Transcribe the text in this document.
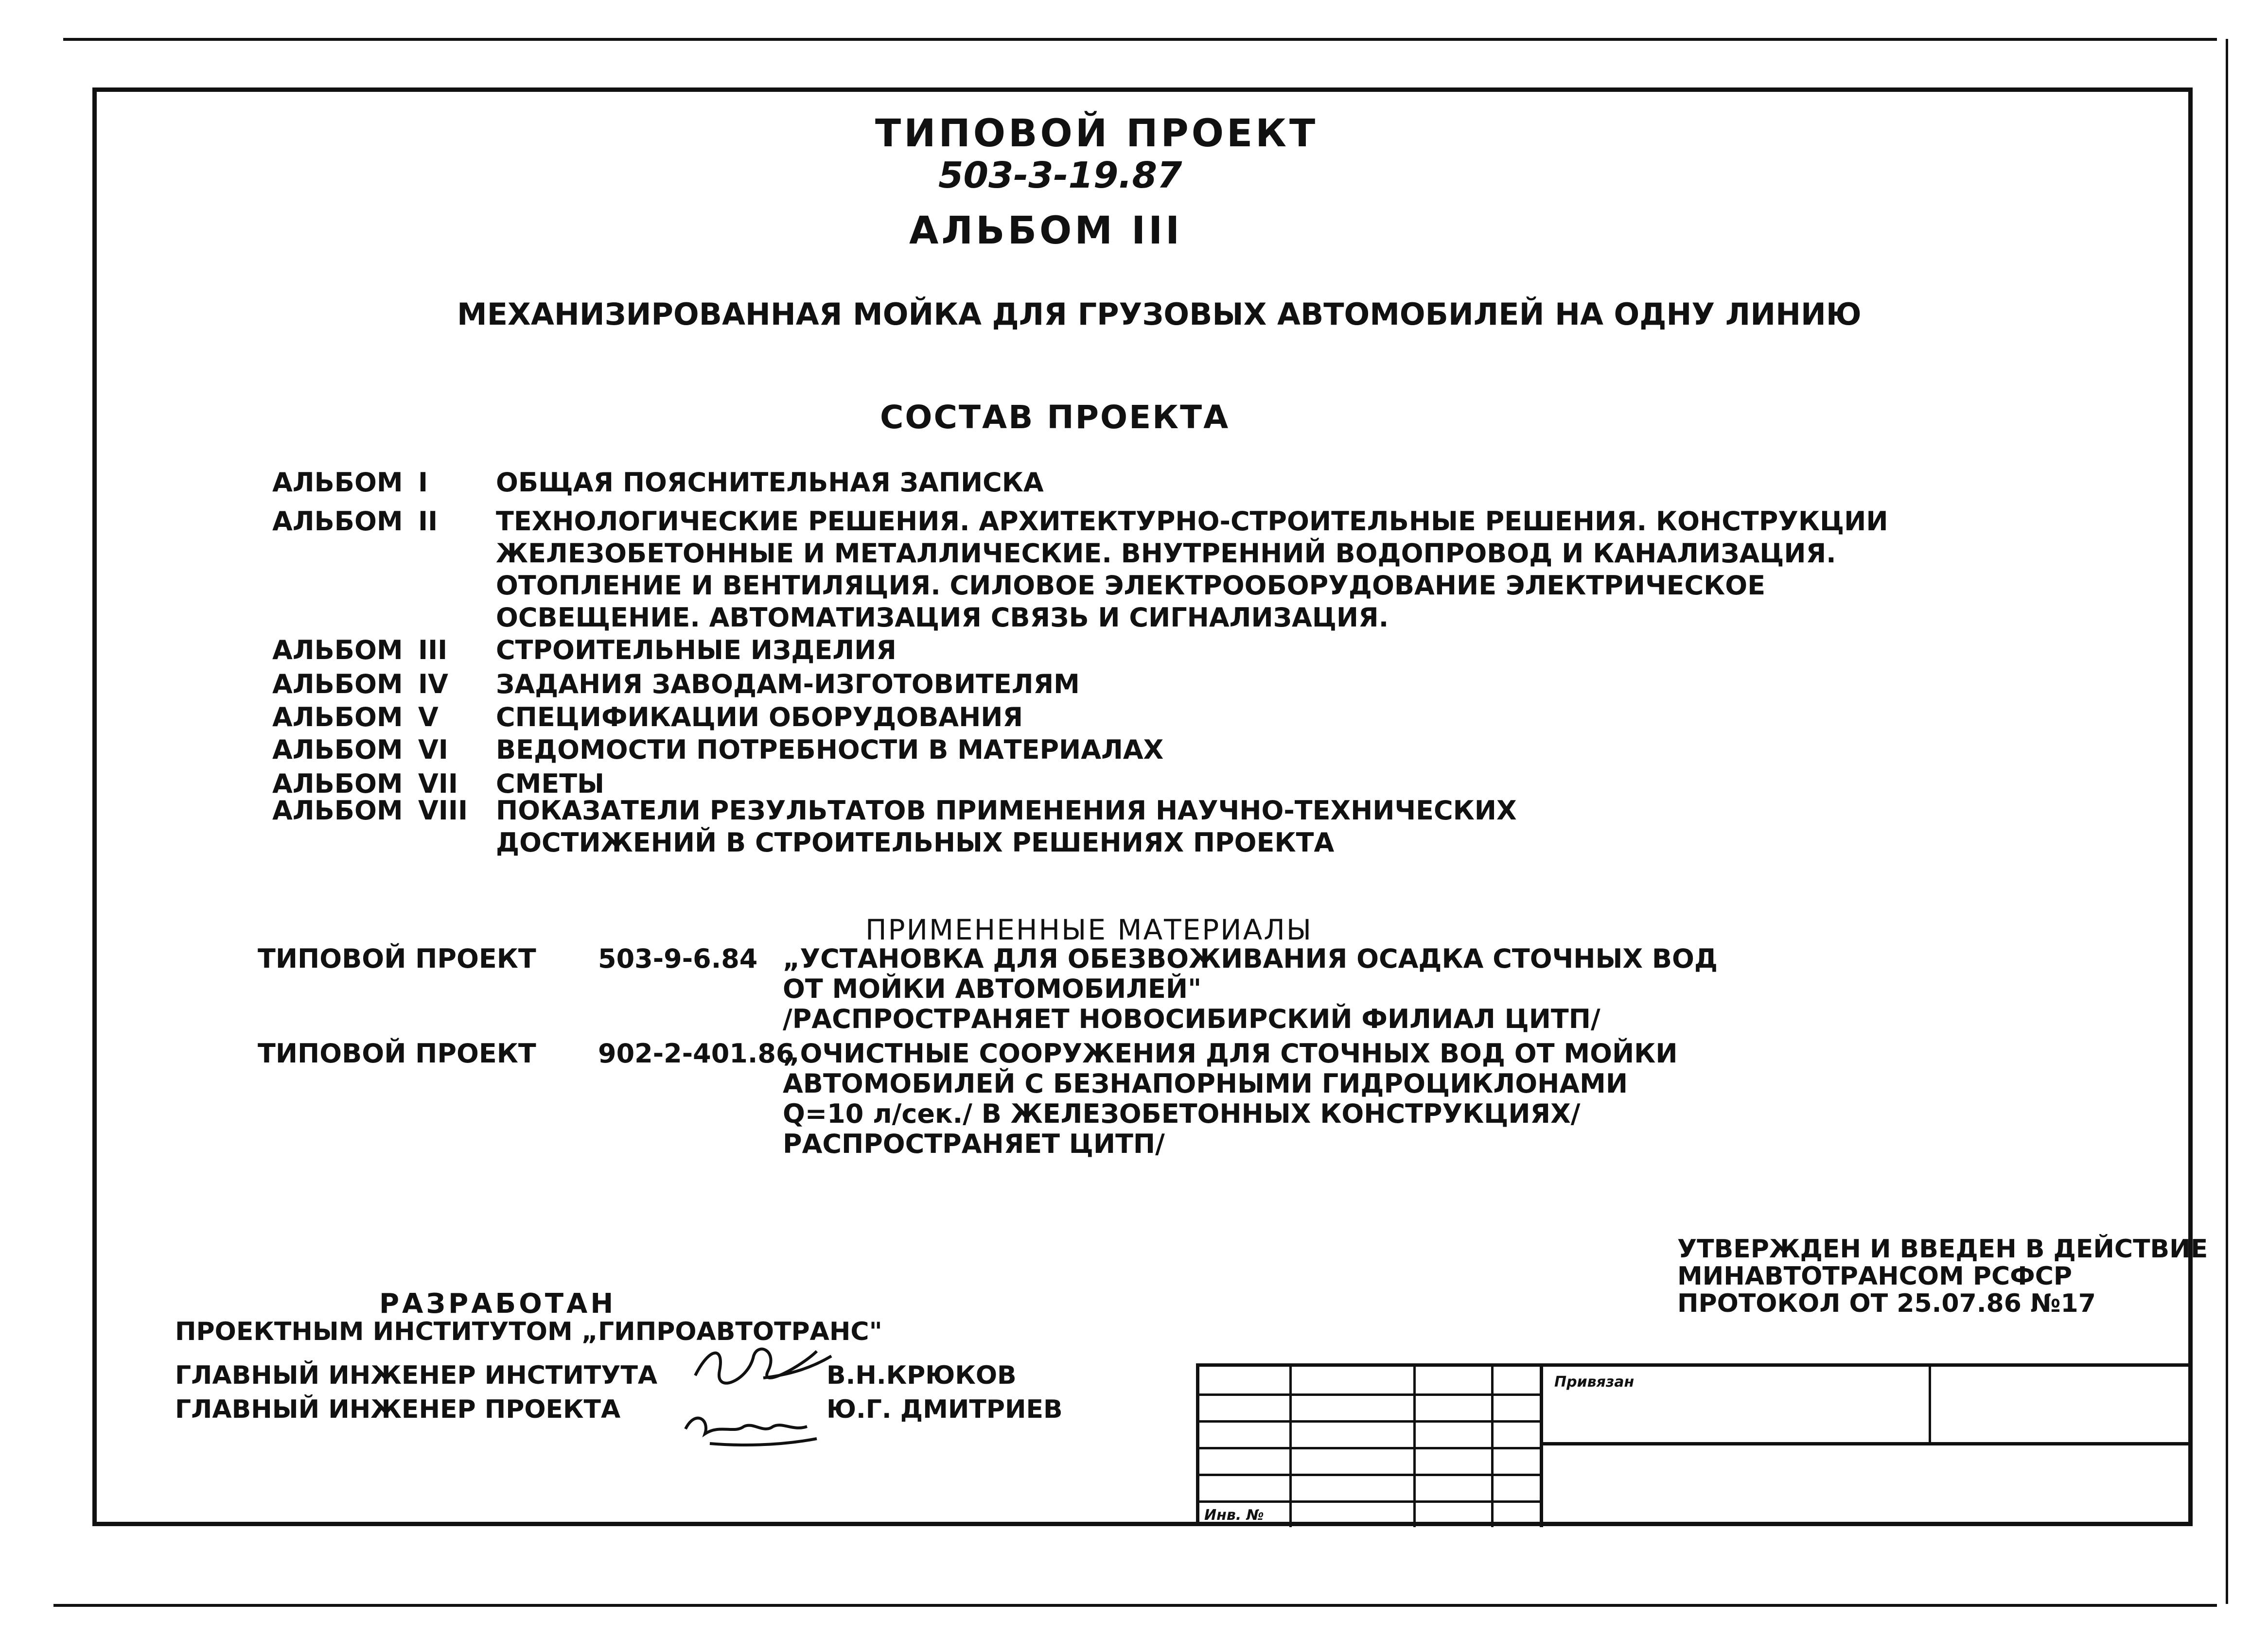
ТИПОВОЙ ПРОЕКТ
503-3-19.87
АЛЬБОМ III
МЕХАНИЗИРОВАННАЯ МОЙКА ДЛЯ ГРУЗОВЫХ АВТОМОБИЛЕЙ НА ОДНУ ЛИНИЮ
СОСТАВ ПРОЕКТА
АЛЬБОМ I	ОБЩАЯ ПОЯСНИТЕЛЬНАЯ ЗАПИСКА
АЛЬБОМ II ТЕХНОЛОГИЧЕСКИЕ РЕШЕНИЯ. АРХИТЕКТУРНО-СТРОИТЕЛЬНЫЕ РЕШЕНИЯ. КОНСТРУКЦИИ
ЖЕЛЕЗОБЕТОННЫЕ И МЕТАЛЛИЧЕСКИЕ. ВНУТРЕННИЙ ВОДОПРОВОД И КАНАЛИЗАЦИЯ.
ОТОПЛЕНИЕ И ВЕНТИЛЯЦИЯ. СИЛОВОЕ ЭЛЕКТРООБОРУДОВАНИЕ ЭЛЕКТРИЧЕСКОЕ
ОСВЕЩЕНИЕ. АВТОМАТИЗАЦИЯ СВЯЗЬ И СИГНАЛИЗАЦИЯ.
АЛЬБОМ III СТРОИТЕЛЬНЫЕ ИЗДЕЛИЯ
АЛЬБОМ IV ЗАДАНИЯ ЗАВОДАМ-ИЗГОТОВИТЕЛЯМ
АЛЬБОМ V СПЕЦИФИКАЦИИ ОБОРУДОВАНИЯ
АЛЬБОМ VI ВЕДОМОСТИ ПОТРЕБНОСТИ В МАТЕРИАЛАХ
АЛЬБОМ VII СМЕТЫ
АЛЬБОМ VIII ПОКАЗАТЕЛИ РЕЗУЛЬТАТОВ ПРИМЕНЕНИЯ НАУЧНО-ТЕХНИЧЕСКИХ
ДОСТИЖЕНИЙ В СТРОИТЕЛЬНЫХ РЕШЕНИЯХ ПРОЕКТА
ПРИМЕНЕННЫЕ МАТЕРИАЛЫ
ТИПОВОЙ ПРОЕКТ 503-9-6.84 „УСТАНОВКА ДЛЯ ОБЕЗВОЖИВАНИЯ ОСАДКА СТОЧНЫХ ВОД
ОТ МОЙКИ АВТОМОБИЛЕЙ"
/РАСПРОСТРАНЯЕТ НОВОСИБИРСКИЙ ФИЛИАЛ ЦИТП/
ТИПОВОЙ ПРОЕКТ 902-2-401.86
„ОЧИСТНЫЕ СООРУЖЕНИЯ ДЛЯ СТОЧНЫХ ВОД ОТ МОЙКИ
АВТОМОБИЛЕЙ С БЕЗНАПОРНЫМИ ГИДРОЦИКЛОНАМИ
Q=10 л/сек./ В ЖЕЛЕЗОБЕТОННЫХ КОНСТРУКЦИЯХ/
РАСПРОСТРАНЯЕТ ЦИТП/
УТВЕРЖДЕН И ВВЕДЕН В ДЕЙСТВИЕ
МИНАВТОТРАНСОМ РСФСР
ПРОТОКОЛ ОТ 25.07.86 №17
РАЗРАБОТАН
ПРОЕКТНЫМ ИНСТИТУТОМ „ГИПРОАВТОТРАНС"
ГЛАВНЫЙ ИНЖЕНЕР ИНСТИТУТА	В.Н.КРЮКОВ
ГЛАВНЫЙ ИНЖЕНЕР ПРОЕКТА	Ю.Г. ДМИТРИЕВ
Привязан
Инв. №
